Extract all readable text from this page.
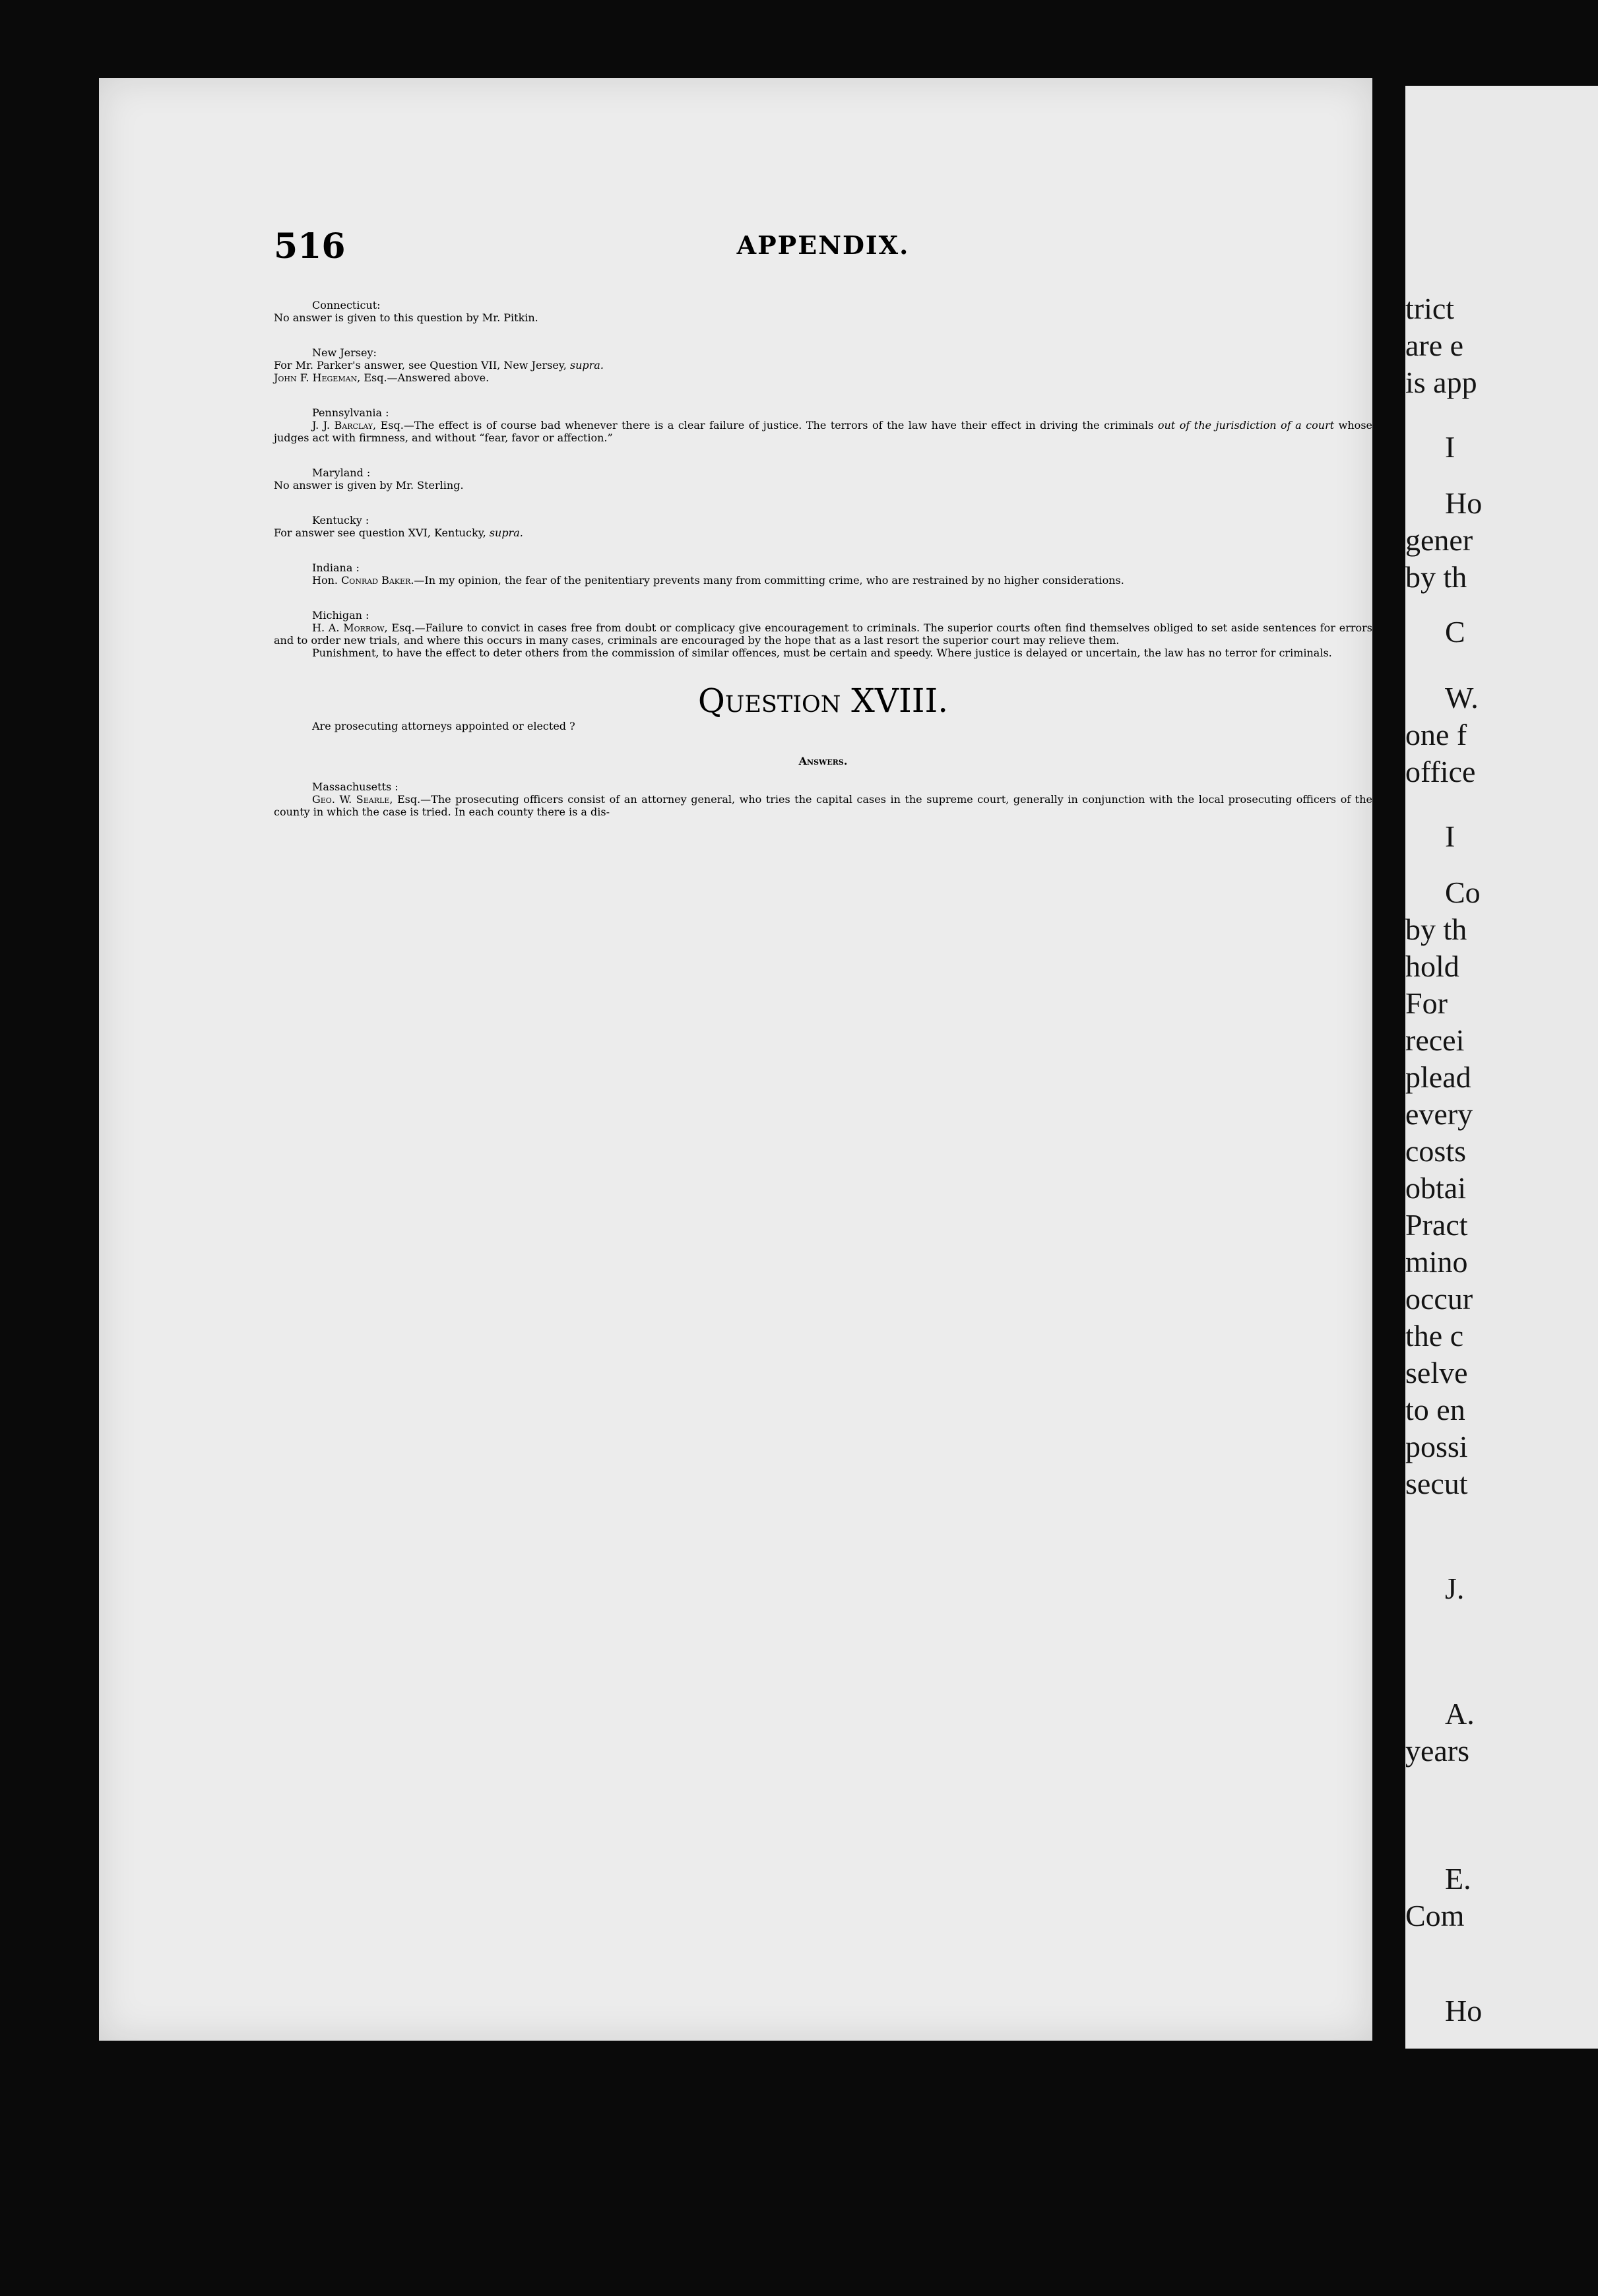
516	APPENDIX.

Connecticut:

No answer is given to this question by Mr. Pitkin.

New Jersey:

For Mr. Parker's answer, see Question VII, New Jersey, supra.

John F. Hegeman, Esq.—Answered above.

Pennsylvania :

J. J. Barclay, Esq.—The effect is of course bad whenever there is a clear failure of justice. The terrors of the law have their effect in driving the criminals out of the jurisdiction of a court whose judges act with firmness, and without “fear, favor or affection.”

Maryland :

No answer is given by Mr. Sterling.

Kentucky :

For answer see question XVI, Kentucky, supra.

Indiana :

Hon. Conrad Baker.—In my opinion, the fear of the penitentiary prevents many from committing crime, who are restrained by no higher considerations.

Michigan :

H. A. Morrow, Esq.—Failure to convict in cases free from doubt or complicacy give encouragement to criminals. The superior courts often find themselves obliged to set aside sentences for errors and to order new trials, and where this occurs in many cases, criminals are encouraged by the hope that as a last resort the superior court may relieve them.

Punishment, to have the effect to deter others from the commission of similar offences, must be certain and speedy. Where justice is delayed or uncertain, the law has no terror for criminals.

Question XVIII.

Are prosecuting attorneys appointed or elected ?

Answers.

Massachusetts :

Geo. W. Searle, Esq.—The prosecuting officers consist of an attorney general, who tries the capital cases in the supreme court, generally in conjunction with the local prosecuting officers of the county in which the case is tried. In each county there is a dis-

trict
are e
is app
I
Ho
gener
by th
C
W.
one f
office
I
Co
by th
hold
For
recei
plead
every
costs
obtai
Pract
mino
occur
the c
selve
to en
possi
secut
J.
A.
years
E.
Com
Ho
